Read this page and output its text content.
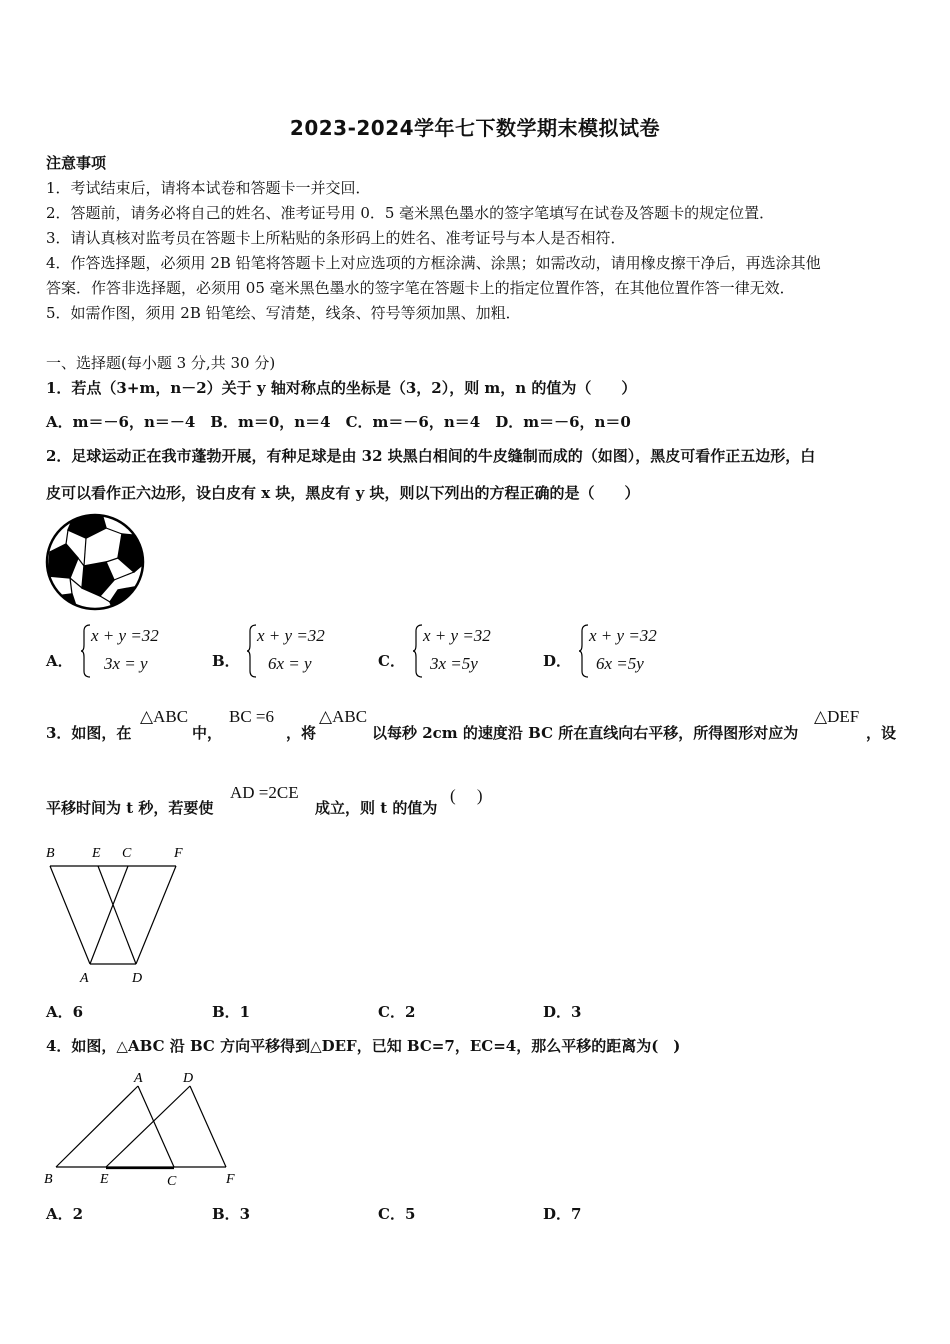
2023-2024学年七下数学期末模拟试卷
注意事项
1．考试结束后，请将本试卷和答题卡一并交回．
2．答题前，请务必将自己的姓名、准考证号用 0．5 毫米黑色墨水的签字笔填写在试卷及答题卡的规定位置．
3．请认真核对监考员在答题卡上所粘贴的条形码上的姓名、准考证号与本人是否相符．
4．作答选择题，必须用 2B 铅笔将答题卡上对应选项的方框涂满、涂黑；如需改动，请用橡皮擦干净后，再选涂其他
答案．作答非选择题，必须用 05 毫米黑色墨水的签字笔在答题卡上的指定位置作答，在其他位置作答一律无效．
5．如需作图，须用 2B 铅笔绘、写清楚，线条、符号等须加黑、加粗．
一、选择题(每小题 3 分,共 30 分)
1．若点（3+m，n－2）关于 y 轴对称点的坐标是（3，2），则 m，n 的值为（　　）
A．m＝－6，n＝－4　B．m＝0，n＝4　C．m＝－6，n＝4　D．m＝－6，n＝0
2．足球运动正在我市蓬勃开展，有种足球是由 32 块黑白相间的牛皮缝制而成的（如图），黑皮可看作正五边形，白
皮可以看作正六边形，设白皮有 x 块，黑皮有 y 块，则以下列出的方程正确的是（　　）
A．
x + y =32
3x = y	B．
x + y =32
6x = y	C．
x + y =32
3x =5y	D．
x + y =32
6x =5y
3．如图，在
△ABC
中，
BC =6
，将
△ABC
以每秒 2cm 的速度沿 BC 所在直线向右平移，所得图形对应为
△DEF
，设
平移时间为 t 秒，若要使
AD =2CE
成立，则 t 的值为
(　 )
B	E C	F
A	D
A．6	B．1	C．2	D．3
4．如图，△ABC 沿 BC 方向平移得到△DEF，已知 BC=7，EC=4，那么平移的距离为(　)
A	D
B	E	C	F
A．2	B．3	C．5	D．7
